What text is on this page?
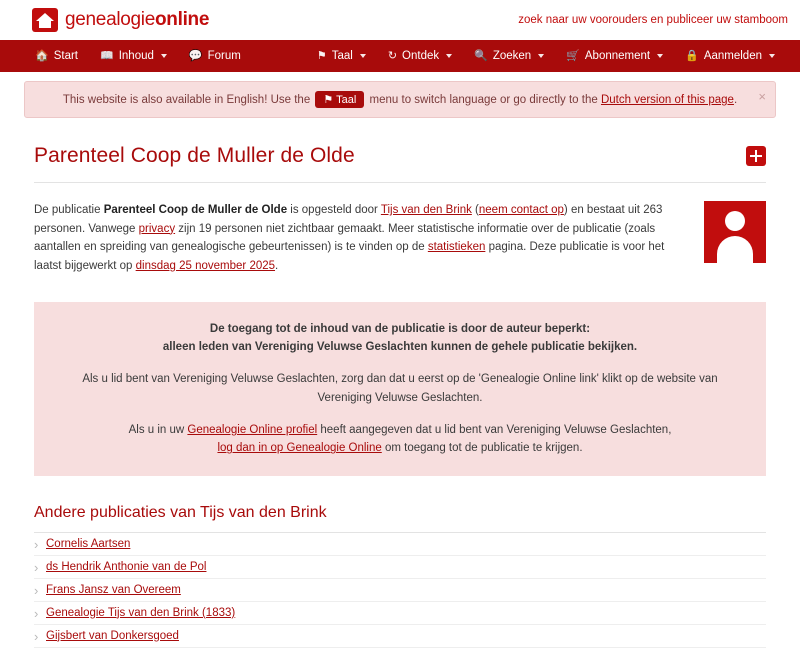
genealogieonline	zoek naar uw voorouders en publiceer uw stamboom
🏠 Start 📖 Inhoud	💬 Forum	⚑ Taal	↻ Ontdek	🔍 Zoeken	🛒 Abonnement	🔒 Aanmelden
This website is also available in English! Use the ⚑ Taal menu to switch language or go directly to the Dutch version of this page. ×
Parenteel Coop de Muller de Olde
De publicatie Parenteel Coop de Muller de Olde is opgesteld door Tijs van den Brink (neem contact op) en bestaat uit 263 personen. Vanwege privacy zijn 19 personen niet zichtbaar gemaakt. Meer statistische informatie over de publicatie (zoals aantallen en spreiding van genealogische gebeurtenissen) is te vinden op de statistieken pagina. Deze publicatie is voor het laatst bijgewerkt op dinsdag 25 november 2025.

De toegang tot de inhoud van de publicatie is door de auteur beperkt:
alleen leden van Vereniging Veluwse Geslachten kunnen de gehele publicatie bekijken.

Als u lid bent van Vereniging Veluwse Geslachten, zorg dan dat u eerst op de 'Genealogie Online link' klikt op de website van Vereniging Veluwse Geslachten.

Als u in uw Genealogie Online profiel heeft aangegeven dat u lid bent van Vereniging Veluwse Geslachten,
log dan in op Genealogie Online om toegang tot de publicatie te krijgen.

Andere publicaties van Tijs van den Brink
› Cornelis Aartsen
› ds Hendrik Anthonie van de Pol
› Frans Jansz van Overeem
› Genealogie Tijs van den Brink (1833)
› Gijsbert van Donkersgoed
